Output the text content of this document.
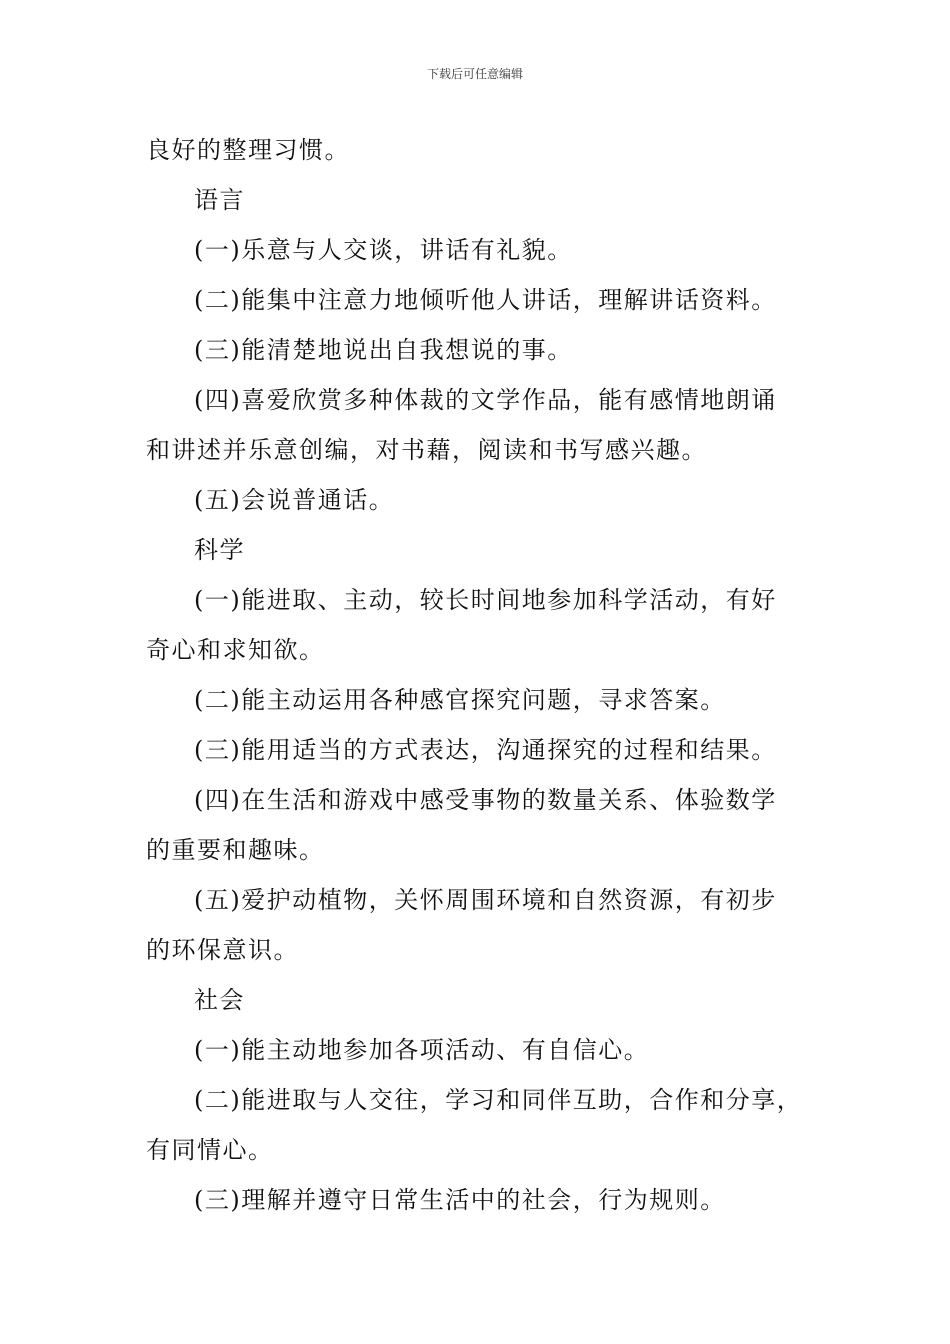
下载后可任意编辑
良好的整理习惯。
语言
(一)乐意与人交谈，讲话有礼貌。
(二)能集中注意力地倾听他人讲话，理解讲话资料。
(三)能清楚地说出自我想说的事。
(四)喜爱欣赏多种体裁的文学作品，能有感情地朗诵
和讲述并乐意创编，对书藉，阅读和书写感兴趣。
(五)会说普通话。
科学
(一)能进取、主动，较长时间地参加科学活动，有好
奇心和求知欲。
(二)能主动运用各种感官探究问题，寻求答案。
(三)能用适当的方式表达，沟通探究的过程和结果。
(四)在生活和游戏中感受事物的数量关系、体验数学
的重要和趣味。
(五)爱护动植物，关怀周围环境和自然资源，有初步
的环保意识。
社会
(一)能主动地参加各项活动、有自信心。
(二)能进取与人交往，学习和同伴互助，合作和分享，
有同情心。
(三)理解并遵守日常生活中的社会，行为规则。
